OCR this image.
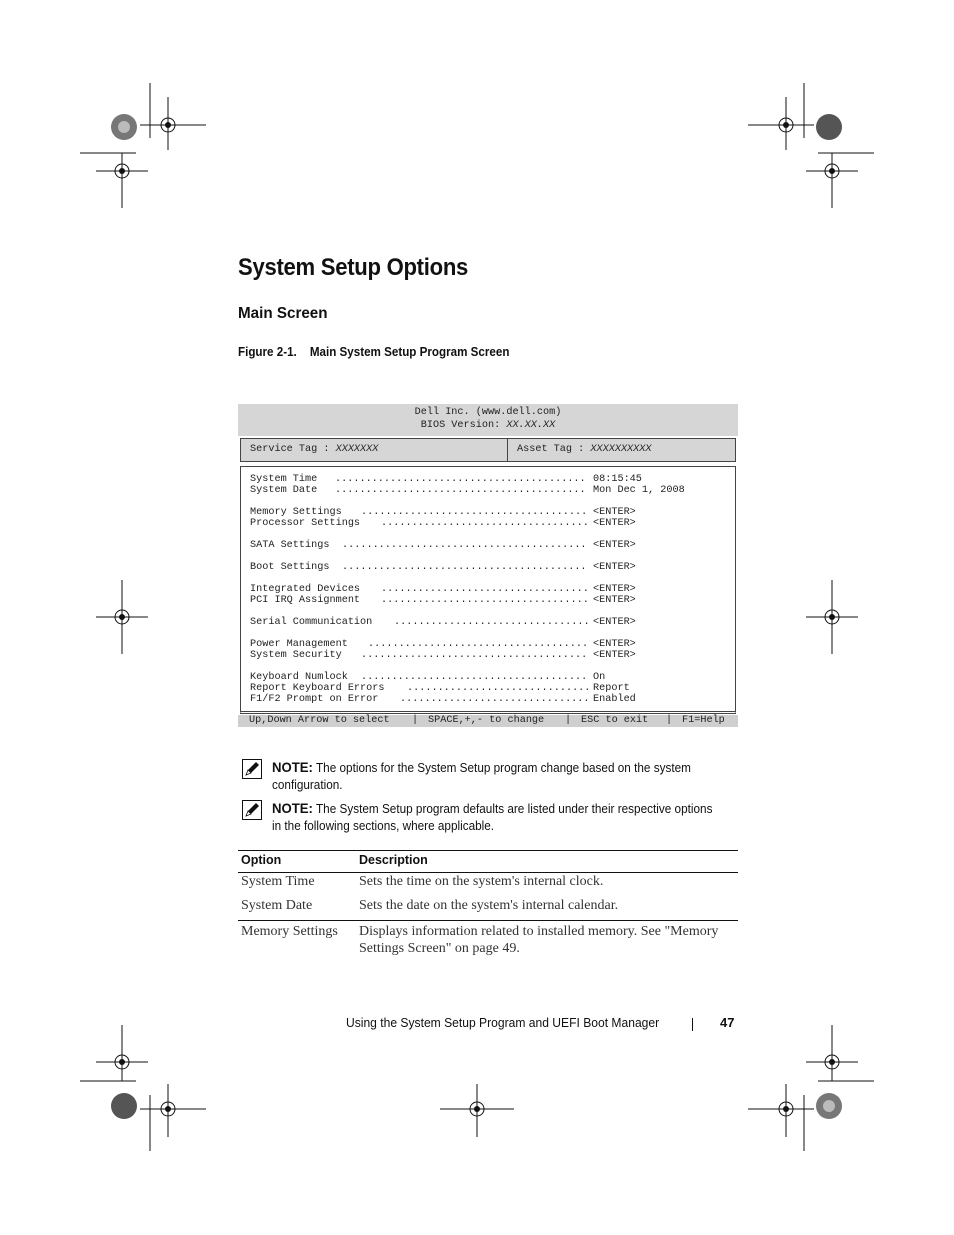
System Setup Options
Main Screen
Figure 2-1. Main System Setup Program Screen
Dell Inc. (www.dell.com)
BIOS Version: XX.XX.XX
Service Tag : XXXXXXX	Asset Tag : XXXXXXXXXX
System Time ......................................... 08:15:45
System Date ......................................... Mon Dec 1, 2008
Memory Settings ..................................... <ENTER>
Processor Settings .................................. <ENTER>
SATA Settings ........................................ <ENTER>
Boot Settings ........................................ <ENTER>
Integrated Devices .................................. <ENTER>
PCI IRQ Assignment .................................. <ENTER>
Serial Communication ................................ <ENTER>
Power Management .................................... <ENTER>
System Security ..................................... <ENTER>
Keyboard Numlock ..................................... On
Report Keyboard Errors .............................. Report
F1/F2 Prompt on Error ............................... Enabled

Up,Down Arrow to select

|

SPACE,+,- to change

|

ESC to exit

|

F1=Help

NOTE: The options for the System Setup program change based on the system configuration.
NOTE: The System Setup program defaults are listed under their respective options in the following sections, where applicable.
Option	Description
System Time	Sets the time on the system's internal clock.
System Date	Sets the date on the system's internal calendar.
Memory Settings	Displays information related to installed memory. See "Memory Settings Screen" on page 49.
Using the System Setup Program and UEFI Boot Manager	47
